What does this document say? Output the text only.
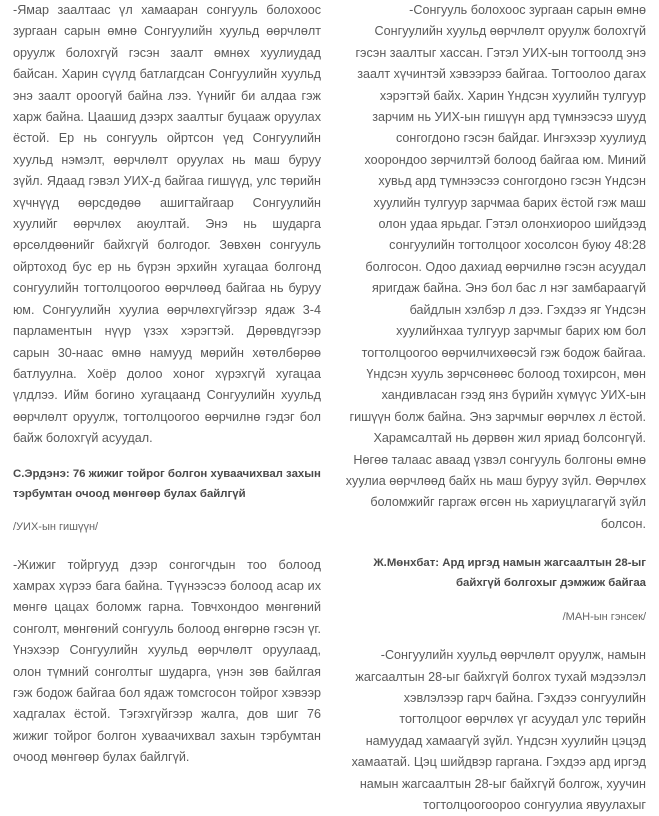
-Ямар заалтаас үл хамааран сонгууль болохоос зургаан сарын өмнө Сонгуулийн хуульд өөрчлөлт оруулж болохгүй гэсэн заалт өмнөх хуулиудад байсан. Харин сүүлд батлагдсан Сонгуулийн хуульд энэ заалт ороогүй байна лээ. Үүнийг би алдаа гэж харж байна. Цаашид дээрх заалтыг буцааж оруулах ёстой. Ер нь сонгууль ойртсон үед Сонгуулийн хуульд нэмэлт, өөрчлөлт оруулах нь маш буруу зүйл. Ядаад гэвэл УИХ-д байгаа гишүүд, улс төрийн хүчнүүд өөрсдөдөө ашигтайгаар Сонгуулийн хуулийг өөрчлөх аюултай. Энэ нь шударга өрсөлдөөнийг байхгүй болгодог. Зөвхөн сонгууль ойртоход бус ер нь бүрэн эрхийн хугацаа болгонд сонгуулийн тогтолцоогоо өөрчлөөд байгаа нь буруу юм. Сонгуулийн хуулиа өөрчлөхгүйгээр ядаж 3-4 парламентын нүүр үзэх хэрэгтэй. Дөрөвдүгээр сарын 30-наас өмнө намууд мөрийн хөтөлбөрөө батлуулна. Хоёр долоо хоног хүрэхгүй хугацаа үлдлээ. Ийм богино хугацаанд Сонгуулийн хуульд өөрчлөлт оруулж, тогтолцоогоо өөрчилнө гэдэг бол байж болохгүй асуудал.

С.Эрдэнэ: 76 жижиг тойрог болгон хуваачихвал захын тэрбумтан очоод мөнгөөр булах байлгүй

/УИХ-ын гишүүн/

-Жижиг тойргууд дээр сонгогчдын тоо болоод хамрах хүрээ бага байна. Түүнээсээ болоод асар их мөнгө цацах боломж гарна. Товчхондоо мөнгөний сонголт, мөнгөний сонгууль болоод өнгөрнө гэсэн үг. Үнэхээр Сонгуулийн хуульд өөрчлөлт оруулаад, олон түмний сонголтыг шударга, үнэн зөв байлгая гэж бодож байгаа бол ядаж томсгосон тойрог хэвээр хадгалах ёстой. Тэгэхгүйгээр жалга, дов шиг 76 жижиг тойрог болгон хуваачихвал захын тэрбумтан очоод мөнгөөр булах байлгүй.

-Сонгууль болохоос зургаан сарын өмнө Сонгуулийн хуульд өөрчлөлт оруулж болохгүй гэсэн заалтыг хассан. Гэтэл УИХ-ын тогтоолд энэ заалт хүчинтэй хэвээрээ байгаа. Тогтоолоо дагах хэрэгтэй байх. Харин Үндсэн хуулийн тулгуур зарчим нь УИХ-ын гишүүн ард түмнээсээ шууд сонгогдоно гэсэн байдаг. Ингэхээр хуулиуд хоорондоо зөрчилтэй болоод байгаа юм. Миний хувьд ард түмнээсээ сонгогдоно гэсэн Үндсэн хуулийн тулгуур зарчмаа барих ёстой гэж маш олон удаа ярьдаг. Гэтэл олонхиороо шийдээд сонгуулийн тогтолцоог хосолсон буюу 48:28 болгосон. Одоо дахиад өөрчилнө гэсэн асуудал яригдаж байна. Энэ бол бас л нэг замбараагүй байдлын хэлбэр л дээ. Гэхдээ яг Үндсэн хуулийнхаа тулгуур зарчмыг барих юм бол тогтолцоогоо өөрчилчихөөсэй гэж бодож байгаа. Үндсэн хууль зөрчсөнөөс болоод тохирсон, мөн хандивласан гээд янз бүрийн хүмүүс УИХ-ын гишүүн болж байна. Энэ зарчмыг өөрчлөх л ёстой. Харамсалтай нь дөрвөн жил яриад болсонгүй. Нөгөө талаас аваад үзвэл сонгууль болгоны өмнө хуулиа өөрчлөөд байх нь маш буруу зүйл. Өөрчлөх боломжийг гаргаж өгсөн нь хариуцлагагүй зүйл болсон.

Ж.Мөнхбат: Ард иргэд намын жагсаалтын 28-ыг байхгүй болгохыг дэмжиж байгаа

/МАН-ын гэнсек/

-Сонгуулийн хуульд өөрчлөлт оруулж, намын жагсаалтын 28-ыг байхгүй болгох тухай мэдээлэл хэвлэлээр гарч байна. Гэхдээ сонгуулийн тогтолцоог өөрчлөх үг асуудал улс төрийн намуудад хамаагүй зүйл. Үндсэн хуулийн цэцэд хамаатай. Цэц шийдвэр гаргана. Гэхдээ ард иргэд намын жагсаалтын 28-ыг байхгүй болгож, хуучин тогтолцоогоороо сонгуулиа явуулахыг
